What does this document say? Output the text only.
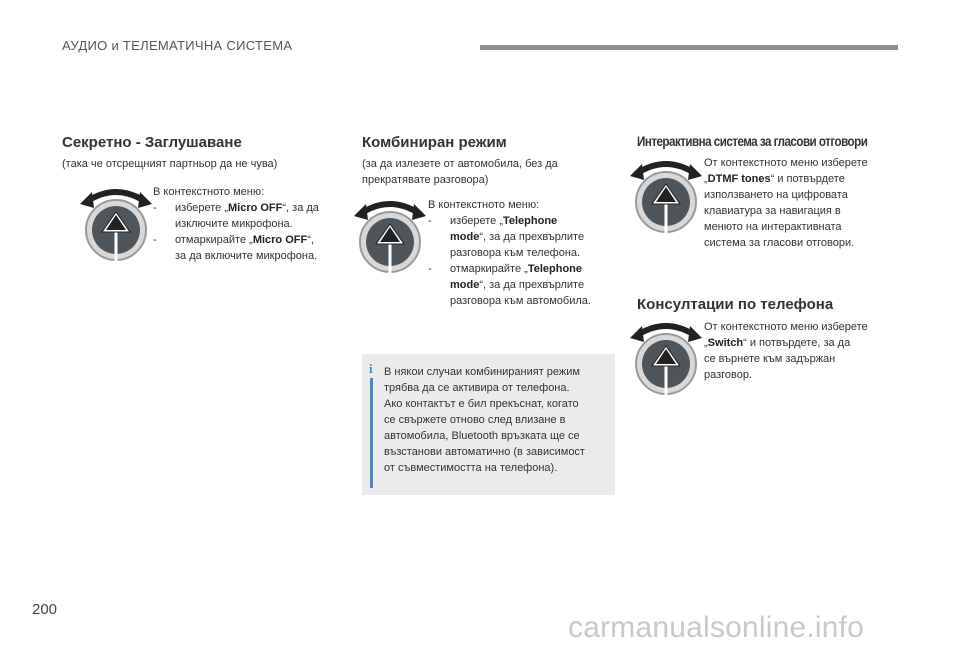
АУДИО и ТЕЛЕМАТИЧНА СИСТЕМА
Секретно - Заглушаване

(така че отсрещният партньор да не чува)

В контекстното меню:

-	изберете „Micro OFF“, за да
изключите микрофона.
-	отмаркирайте „Micro OFF“,
за да включите микрофона.
Комбиниран режим

(за да излезете от автомобила, без да
прекратявате разговора)

В контекстното меню:

-	изберете „Telephone
mode“, за да прехвърлите
разговора към телефона.
-	отмаркирайте „Telephone
mode“, за да прехвърлите
разговора към автомобила.
i В някои случаи комбинираният режим

трябва да се активира от телефона.

Ако контактът е бил прекъснат, когато

се свържете отново след влизане в

автомобила, Bluetooth връзката ще се

възстанови автоматично (в зависимост

от съвместимостта на телефона).

Интерактивна система за гласови отговори

От контекстното меню изберете

„DTMF tones“ и потвърдете

използването на цифровата

клавиатура за навигация в

менюто на интерактивната

система за гласови отговори.

Консултации по телефона

От контекстното меню изберете

„Switch“ и потвърдете, за да

се върнете към задържан

разговор.

200
carmanualsonline.info
